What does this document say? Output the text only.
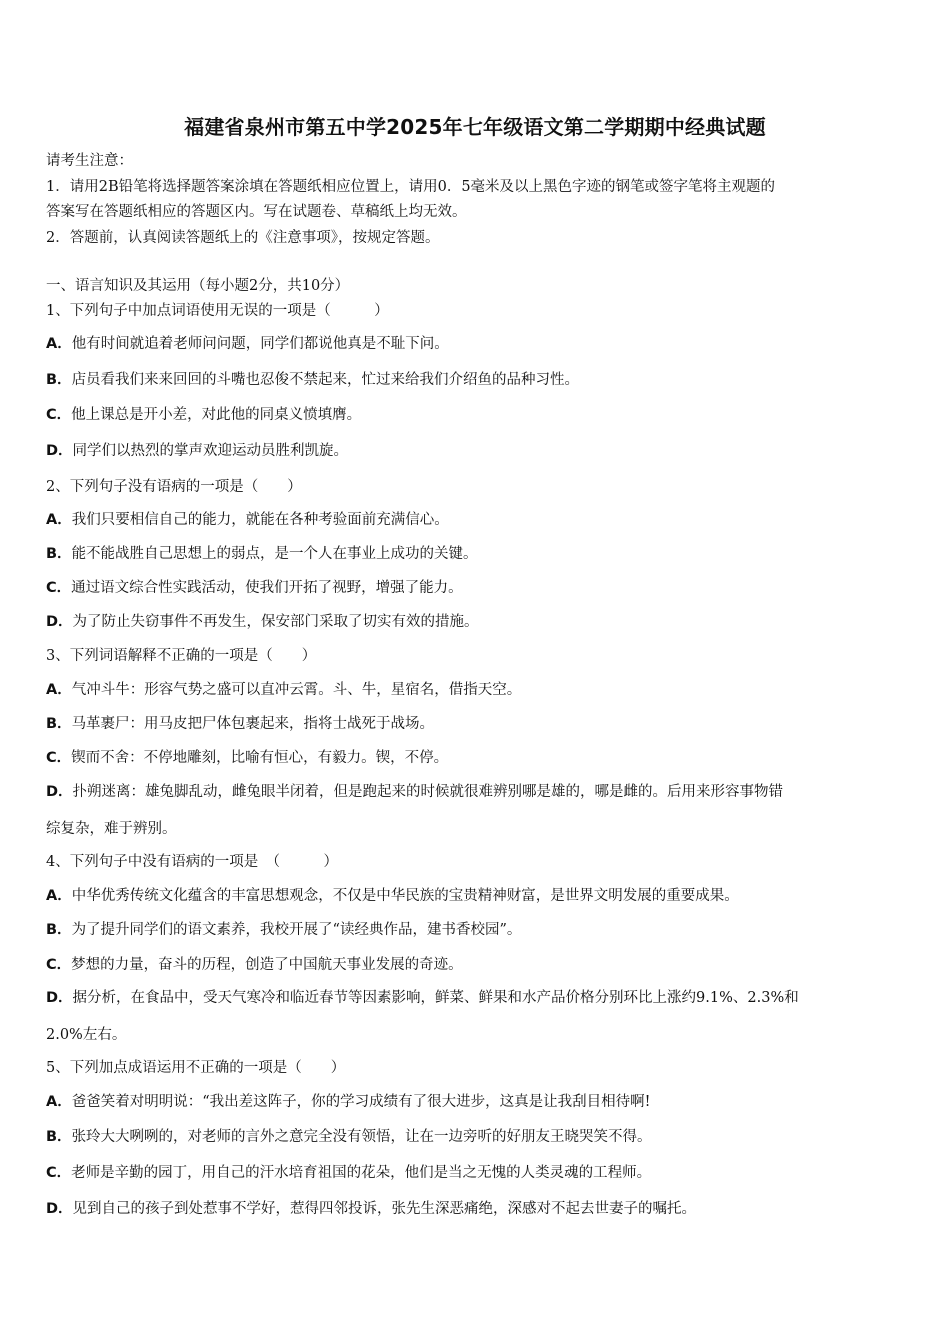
福建省泉州市第五中学2025年七年级语文第二学期期中经典试题
请考生注意：
1．请用2B铅笔将选择题答案涂填在答题纸相应位置上，请用0．5毫米及以上黑色字迹的钢笔或签字笔将主观题的
答案写在答题纸相应的答题区内。写在试题卷、草稿纸上均无效。
2．答题前，认真阅读答题纸上的《注意事项》，按规定答题。
一、语言知识及其运用（每小题2分，共10分）
1、下列句子中加点词语使用无误的一项是（　　　）
A．他有时间就追着老师问问题，同学们都说他真是不耻下问。
B．店员看我们来来回回的斗嘴也忍俊不禁起来，忙过来给我们介绍鱼的品种习性。
C．他上课总是开小差，对此他的同桌义愤填膺。
D．同学们以热烈的掌声欢迎运动员胜利凯旋。
2、下列句子没有语病的一项是（　　）
A．我们只要相信自己的能力，就能在各种考验面前充满信心。
B．能不能战胜自己思想上的弱点，是一个人在事业上成功的关键。
C．通过语文综合性实践活动，使我们开拓了视野，增强了能力。
D．为了防止失窃事件不再发生，保安部门采取了切实有效的措施。
3、下列词语解释不正确的一项是（　　）
A．气冲斗牛：形容气势之盛可以直冲云霄。斗、牛，星宿名，借指天空。
B．马革裹尸：用马皮把尸体包裹起来，指将士战死于战场。
C．锲而不舍：不停地雕刻，比喻有恒心，有毅力。锲，不停。
D．扑朔迷离：雄兔脚乱动，雌兔眼半闭着，但是跑起来的时候就很难辨别哪是雄的，哪是雌的。后用来形容事物错
综复杂，难于辨别。
4、下列句子中没有语病的一项是　（　　　）
A．中华优秀传统文化蕴含的丰富思想观念，不仅是中华民族的宝贵精神财富，是世界文明发展的重要成果。
B．为了提升同学们的语文素养，我校开展了“读经典作品，建书香校园”。
C．梦想的力量，奋斗的历程，创造了中国航天事业发展的奇迹。
D．据分析，在食品中，受天气寒冷和临近春节等因素影响，鲜菜、鲜果和水产品价格分别环比上涨约9.1%、2.3%和
2.0%左右。
5、下列加点成语运用不正确的一项是（　　）
A．爸爸笑着对明明说：“我出差这阵子，你的学习成绩有了很大进步，这真是让我刮目相待啊!
B．张玲大大咧咧的，对老师的言外之意完全没有领悟，让在一边旁听的好朋友王晓哭笑不得。
C．老师是辛勤的园丁，用自己的汗水培育祖国的花朵，他们是当之无愧的人类灵魂的工程师。
D．见到自己的孩子到处惹事不学好，惹得四邻投诉，张先生深恶痛绝，深感对不起去世妻子的嘱托。
